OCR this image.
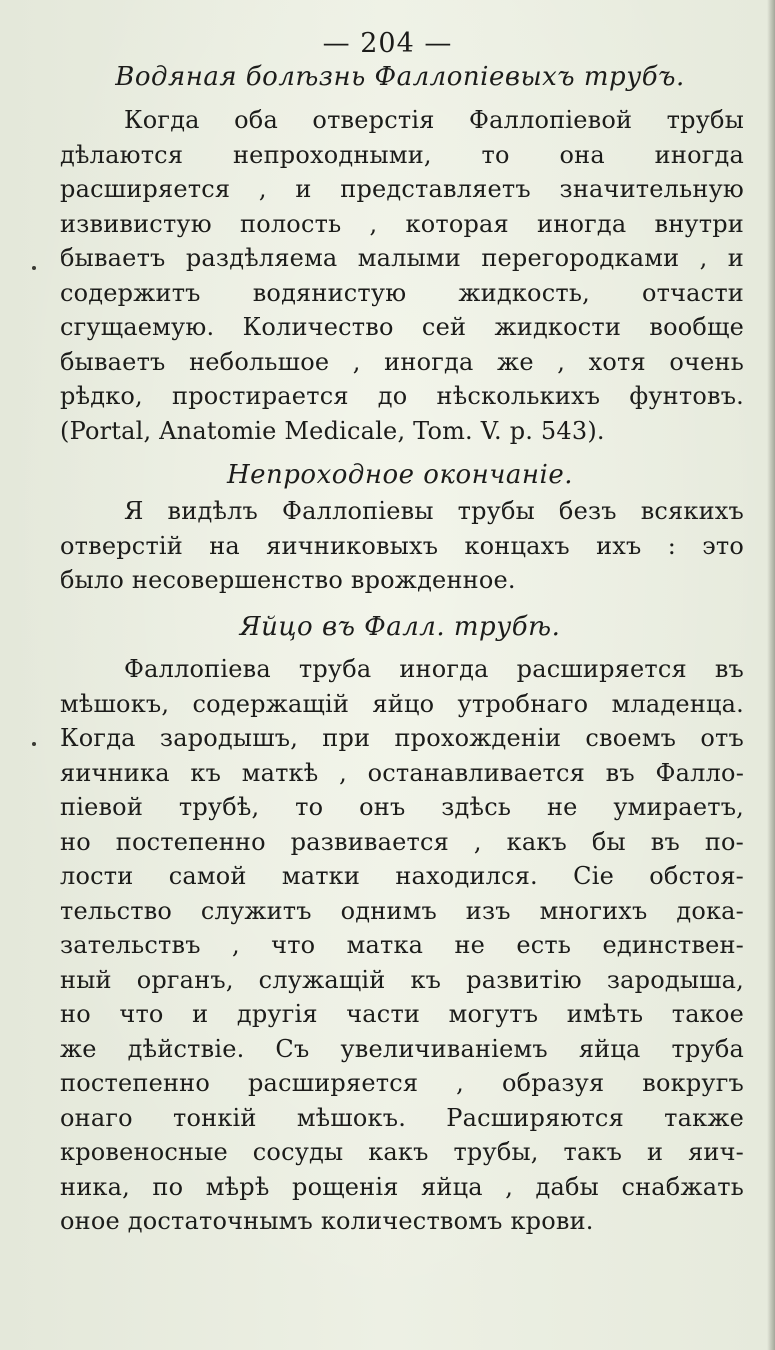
— 204 —
Водяная болѣзнь Фаллопіевыхъ трубъ.
Когда оба отверстія Фаллопіевой трубы
дѣлаются непроходными, то она иногда
расширяется , и представляетъ значительную
извивистую полость , которая иногда внутри
бываетъ раздѣляема малыми перегородками , и
содержитъ водянистую жидкость, отчасти
сгущаемую. Количество сей жидкости вообще
бываетъ небольшое , иногда же , хотя очень
рѣдко, простирается до нѣсколькихъ фунтовъ.
(Portal, Anatomie Medicale, Tom. V. p. 543).
Непроходное окончаніе.
Я видѣлъ Фаллопіевы трубы безъ всякихъ
отверстій на яичниковыхъ концахъ ихъ : это
было несовершенство врожденное.
Яйцо въ Фалл. трубѣ.
Фаллопіева труба иногда расширяется въ
мѣшокъ, содержащій яйцо утробнаго младенца.
Когда зародышъ, при прохожденіи своемъ отъ
яичника къ маткѣ , останавливается въ Фалло-
піевой трубѣ, то онъ здѣсь не умираетъ,
но постепенно развивается , какъ бы въ по-
лости самой матки находился. Сіе обстоя-
тельство служитъ однимъ изъ многихъ дока-
зательствъ , что матка не есть единствен-
ный органъ, служащій къ развитію зародыша,
но что и другія части могутъ имѣть такое
же дѣйствіе. Съ увеличиваніемъ яйца труба
постепенно расширяется , образуя вокругъ
онаго тонкій мѣшокъ. Расширяются также
кровеносные сосуды какъ трубы, такъ и яич-
ника, по мѣрѣ рощенія яйца , дабы снабжать
оное достаточнымъ количествомъ крови.
